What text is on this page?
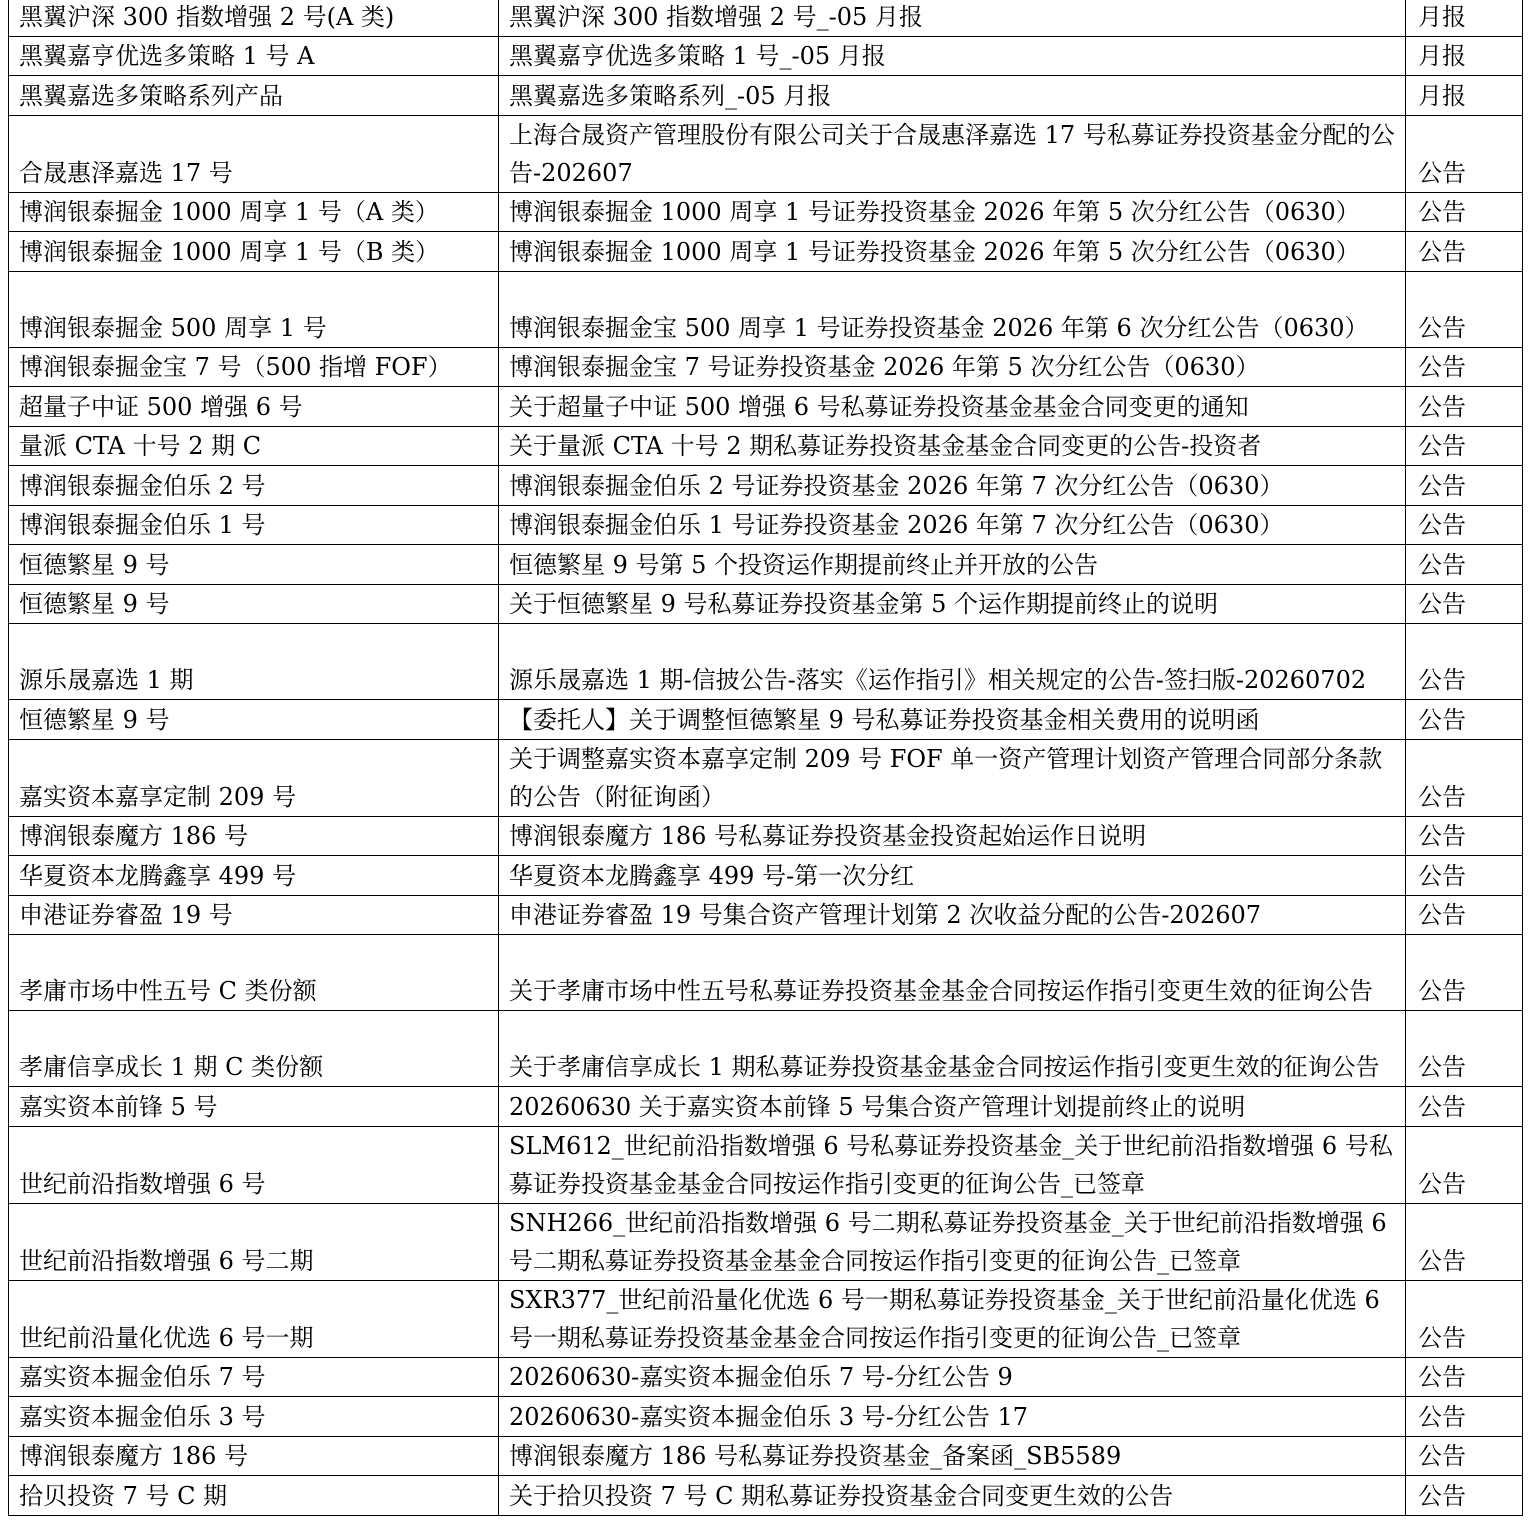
黑翼沪深 300 指数增强 2 号(A 类)	黑翼沪深 300 指数增强 2 号_-05 月报	月报
黑翼嘉亨优选多策略 1 号 A	黑翼嘉亨优选多策略 1 号_-05 月报	月报
黑翼嘉选多策略系列产品	黑翼嘉选多策略系列_-05 月报	月报
合晟惠泽嘉选 17 号	上海合晟资产管理股份有限公司关于合晟惠泽嘉选 17 号私募证券投资基金分配的公告-202607	公告
博润银泰掘金 1000 周享 1 号（A 类）	博润银泰掘金 1000 周享 1 号证券投资基金 2026 年第 5 次分红公告（0630）	公告
博润银泰掘金 1000 周享 1 号（B 类）	博润银泰掘金 1000 周享 1 号证券投资基金 2026 年第 5 次分红公告（0630）	公告
博润银泰掘金 500 周享 1 号	博润银泰掘金宝 500 周享 1 号证券投资基金 2026 年第 6 次分红公告（0630）	公告
博润银泰掘金宝 7 号（500 指增 FOF）	博润银泰掘金宝 7 号证券投资基金 2026 年第 5 次分红公告（0630）	公告
超量子中证 500 增强 6 号	关于超量子中证 500 增强 6 号私募证券投资基金基金合同变更的通知	公告
量派 CTA 十号 2 期 C	关于量派 CTA 十号 2 期私募证券投资基金基金合同变更的公告-投资者	公告
博润银泰掘金伯乐 2 号	博润银泰掘金伯乐 2 号证券投资基金 2026 年第 7 次分红公告（0630）	公告
博润银泰掘金伯乐 1 号	博润银泰掘金伯乐 1 号证券投资基金 2026 年第 7 次分红公告（0630）	公告
恒德繁星 9 号	恒德繁星 9 号第 5 个投资运作期提前终止并开放的公告	公告
恒德繁星 9 号	关于恒德繁星 9 号私募证券投资基金第 5 个运作期提前终止的说明	公告
源乐晟嘉选 1 期	源乐晟嘉选 1 期-信披公告-落实《运作指引》相关规定的公告-签扫版-20260702	公告
恒德繁星 9 号	【委托人】关于调整恒德繁星 9 号私募证券投资基金相关费用的说明函	公告
嘉实资本嘉享定制 209 号	关于调整嘉实资本嘉享定制 209 号 FOF 单一资产管理计划资产管理合同部分条款的公告（附征询函）	公告
博润银泰魔方 186 号	博润银泰魔方 186 号私募证券投资基金投资起始运作日说明	公告
华夏资本龙腾鑫享 499 号	华夏资本龙腾鑫享 499 号-第一次分红	公告
申港证券睿盈 19 号	申港证券睿盈 19 号集合资产管理计划第 2 次收益分配的公告-202607	公告
孝庸市场中性五号 C 类份额	关于孝庸市场中性五号私募证券投资基金基金合同按运作指引变更生效的征询公告	公告
孝庸信享成长 1 期 C 类份额	关于孝庸信享成长 1 期私募证券投资基金基金合同按运作指引变更生效的征询公告	公告
嘉实资本前锋 5 号	20260630 关于嘉实资本前锋 5 号集合资产管理计划提前终止的说明	公告
世纪前沿指数增强 6 号	SLM612_世纪前沿指数增强 6 号私募证券投资基金_关于世纪前沿指数增强 6 号私募证券投资基金基金合同按运作指引变更的征询公告_已签章	公告
世纪前沿指数增强 6 号二期	SNH266_世纪前沿指数增强 6 号二期私募证券投资基金_关于世纪前沿指数增强 6 号二期私募证券投资基金基金合同按运作指引变更的征询公告_已签章	公告
世纪前沿量化优选 6 号一期	SXR377_世纪前沿量化优选 6 号一期私募证券投资基金_关于世纪前沿量化优选 6 号一期私募证券投资基金基金合同按运作指引变更的征询公告_已签章	公告
嘉实资本掘金伯乐 7 号	20260630-嘉实资本掘金伯乐 7 号-分红公告 9	公告
嘉实资本掘金伯乐 3 号	20260630-嘉实资本掘金伯乐 3 号-分红公告 17	公告
博润银泰魔方 186 号	博润银泰魔方 186 号私募证券投资基金_备案函_SB5589	公告
拾贝投资 7 号 C 期	关于拾贝投资 7 号 C 期私募证券投资基金合同变更生效的公告	公告
